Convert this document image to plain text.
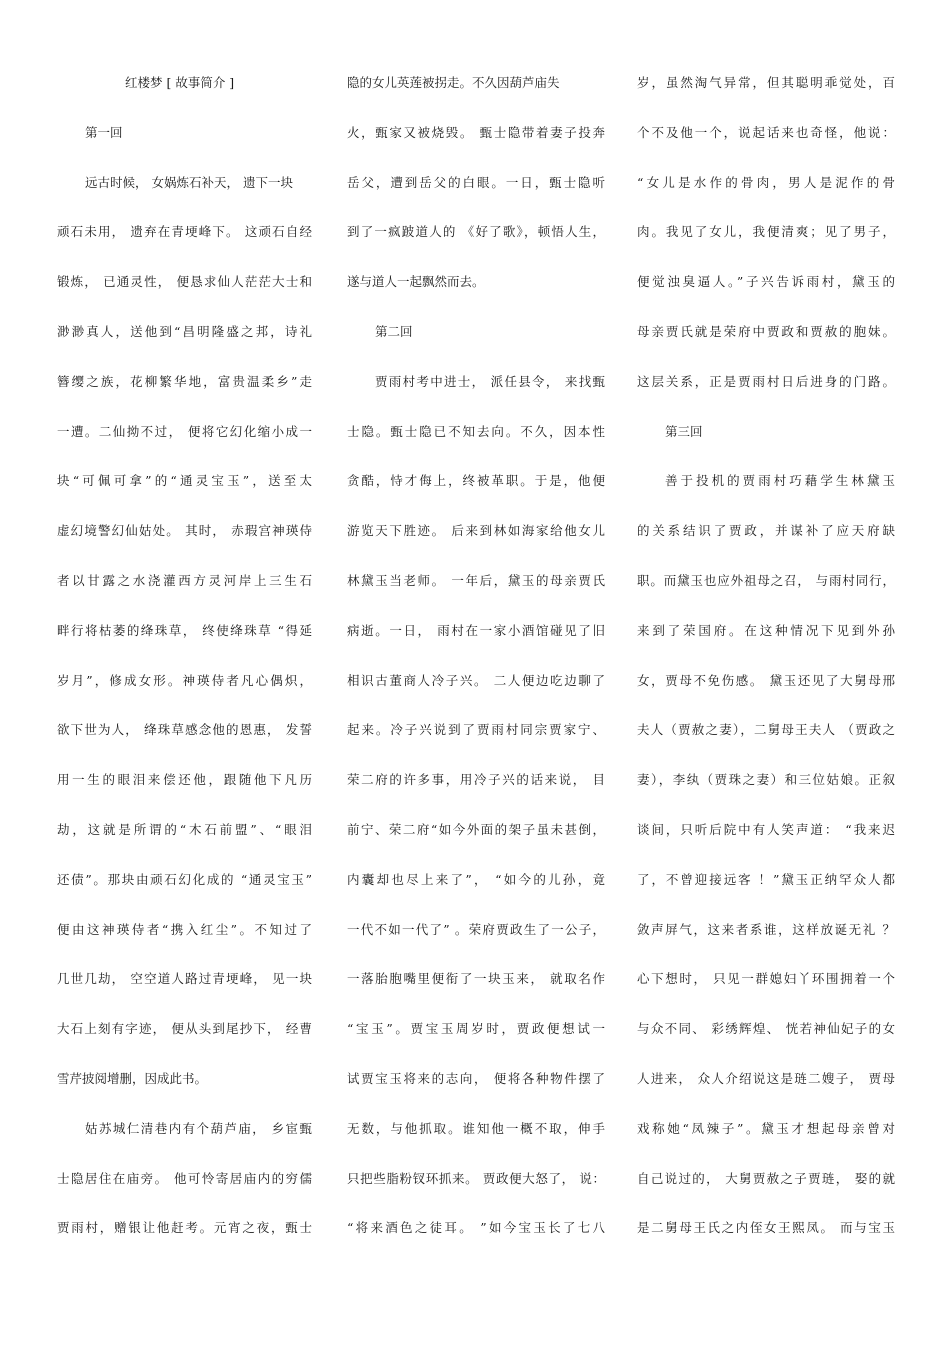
红楼梦 [ 故事简介 ]
第一回
远古时候， 女娲炼石补天， 遗下一块
顽石未用， 遗弃在青埂峰下。 这顽石自经
锻炼， 已通灵性， 便恳求仙人茫茫大士和
渺渺真人，送他到“昌明隆盛之邦，诗礼
簪缨之族，花柳繁华地，富贵温柔乡”走
一遭。二仙拗不过， 便将它幻化缩小成一
块“可佩可拿”的“通灵宝玉”，送至太
虚幻境警幻仙姑处。 其时， 赤瑕宫神瑛侍
者以甘露之水浇灌西方灵河岸上三生石
畔行将枯萎的绛珠草， 终使绛珠草 “得延
岁月”，修成女形。神瑛侍者凡心偶炽，
欲下世为人， 绛珠草感念他的恩惠， 发誓
用一生的眼泪来偿还他，跟随他下凡历
劫，这就是所谓的“木石前盟”、“眼泪
还债”。那块由顽石幻化成的 “通灵宝玉”
便由这神瑛侍者“携入红尘”。不知过了
几世几劫， 空空道人路过青埂峰， 见一块
大石上刻有字迹， 便从头到尾抄下， 经曹
雪芹披阅增删，因成此书。
姑苏城仁清巷内有个葫芦庙， 乡宦甄
士隐居住在庙旁。 他可怜寄居庙内的穷儒
贾雨村，赠银让他赶考。元宵之夜，甄士
隐的女儿英莲被拐走。不久因葫芦庙失
火，甄家又被烧毁。 甄士隐带着妻子投奔
岳父，遭到岳父的白眼。一日，甄士隐听
到了一疯跛道人的 《好了歌》，顿悟人生，
遂与道人一起飘然而去。
第二回
贾雨村考中进士， 派任县令， 来找甄
士隐。甄士隐已不知去向。不久，因本性
贪酷，恃才侮上，终被革职。于是，他便
游览天下胜迹。 后来到林如海家给他女儿
林黛玉当老师。 一年后，黛玉的母亲贾氏
病逝。一日， 雨村在一家小酒馆碰见了旧
相识古董商人冷子兴。 二人便边吃边聊了
起来。冷子兴说到了贾雨村同宗贾家宁、
荣二府的许多事，用冷子兴的话来说， 目
前宁、荣二府“如今外面的架子虽未甚倒，
内囊却也尽上来了”， “如今的儿孙，竟
一代不如一代了” 。荣府贾政生了一公子，
一落胎胞嘴里便衔了一块玉来， 就取名作
“宝玉”。贾宝玉周岁时，贾政便想试一
试贾宝玉将来的志向， 便将各种物件摆了
无数，与他抓取。谁知他一概不取，伸手
只把些脂粉钗环抓来。 贾政便大怒了， 说：
“将来酒色之徒耳。 ”如今宝玉长了七八
岁，虽然淘气异常，但其聪明乖觉处，百
个不及他一个，说起话来也奇怪，他说：
“女儿是水作的骨肉，男人是泥作的骨
肉。我见了女儿，我便清爽；见了男子，
便觉浊臭逼人。”子兴告诉雨村，黛玉的
母亲贾氏就是荣府中贾政和贾赦的胞妹。
这层关系，正是贾雨村日后进身的门路。
第三回
善于投机的贾雨村巧藉学生林黛玉
的关系结识了贾政，并谋补了应天府缺
职。而黛玉也应外祖母之召， 与雨村同行，
来到了荣国府。在这种情况下见到外孙
女，贾母不免伤感。 黛玉还见了大舅母邢
夫人（贾赦之妻），二舅母王夫人 （贾政之
妻），李纨（贾珠之妻）和三位姑娘。正叙
谈间，只听后院中有人笑声道： “我来迟
了，不曾迎接远客 ！”黛玉正纳罕众人都
敛声屏气，这来者系谁，这样放诞无礼 ？
心下想时， 只见一群媳妇丫环围拥着一个
与众不同、 彩绣辉煌、 恍若神仙妃子的女
人进来， 众人介绍说这是琏二嫂子， 贾母
戏称她“凤辣子”。黛玉才想起母亲曾对
自己说过的， 大舅贾赦之子贾琏， 娶的就
是二舅母王氏之内侄女王熙凤。 而与宝玉
